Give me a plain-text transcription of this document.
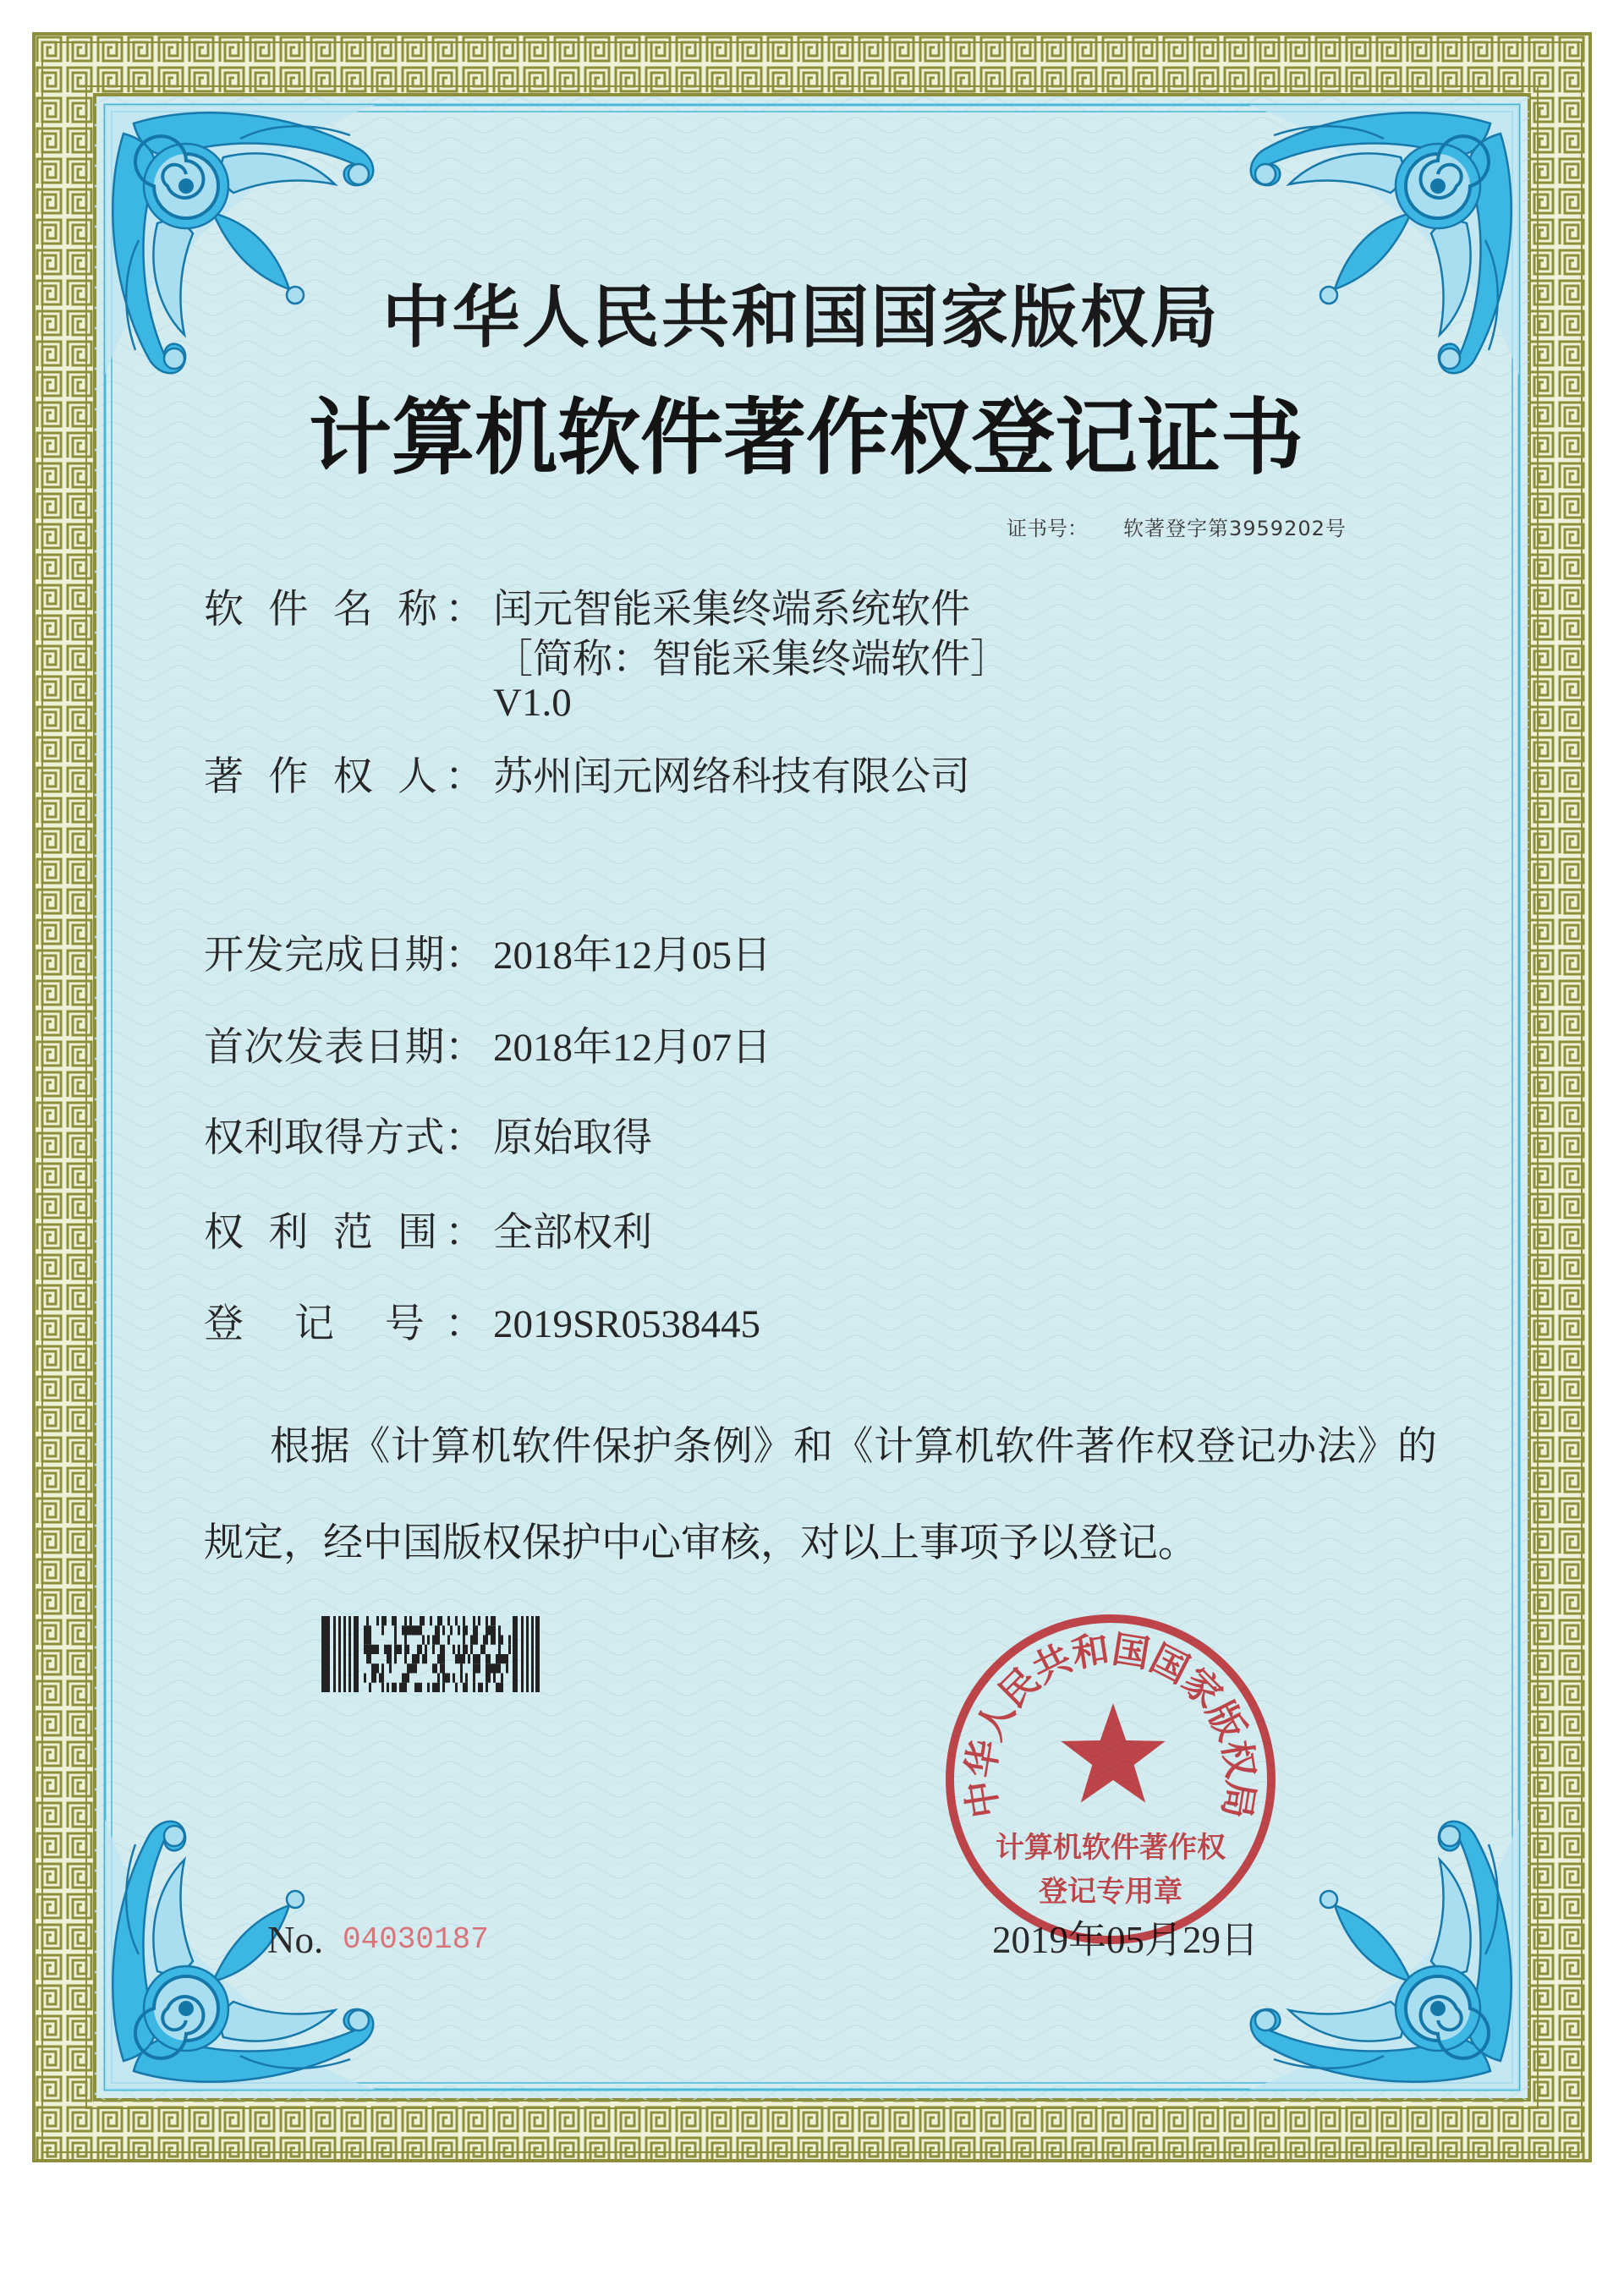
中华人民共和国国家版权局
计算机软件著作权登记证书
证书号： 软著登字第3959202号
软 件 名 称： 闰元智能采集终端系统软件
［简称：智能采集终端软件］
V1.0
著 作 权 人： 苏州闰元网络科技有限公司
开发完成日期： 2018年12月05日
首次发表日期： 2018年12月07日
权利取得方式： 原始取得
权 利 范 围： 全部权利
登 记 号： 2019SR0538445
根据《计算机软件保护条例》和《计算机软件著作权登记办法》的
规定，经中国版权保护中心审核，对以上事项予以登记。
No. 04030187	2019年05月29日
中华人民共和国国家版权局
计算机软件著作权
登记专用章
